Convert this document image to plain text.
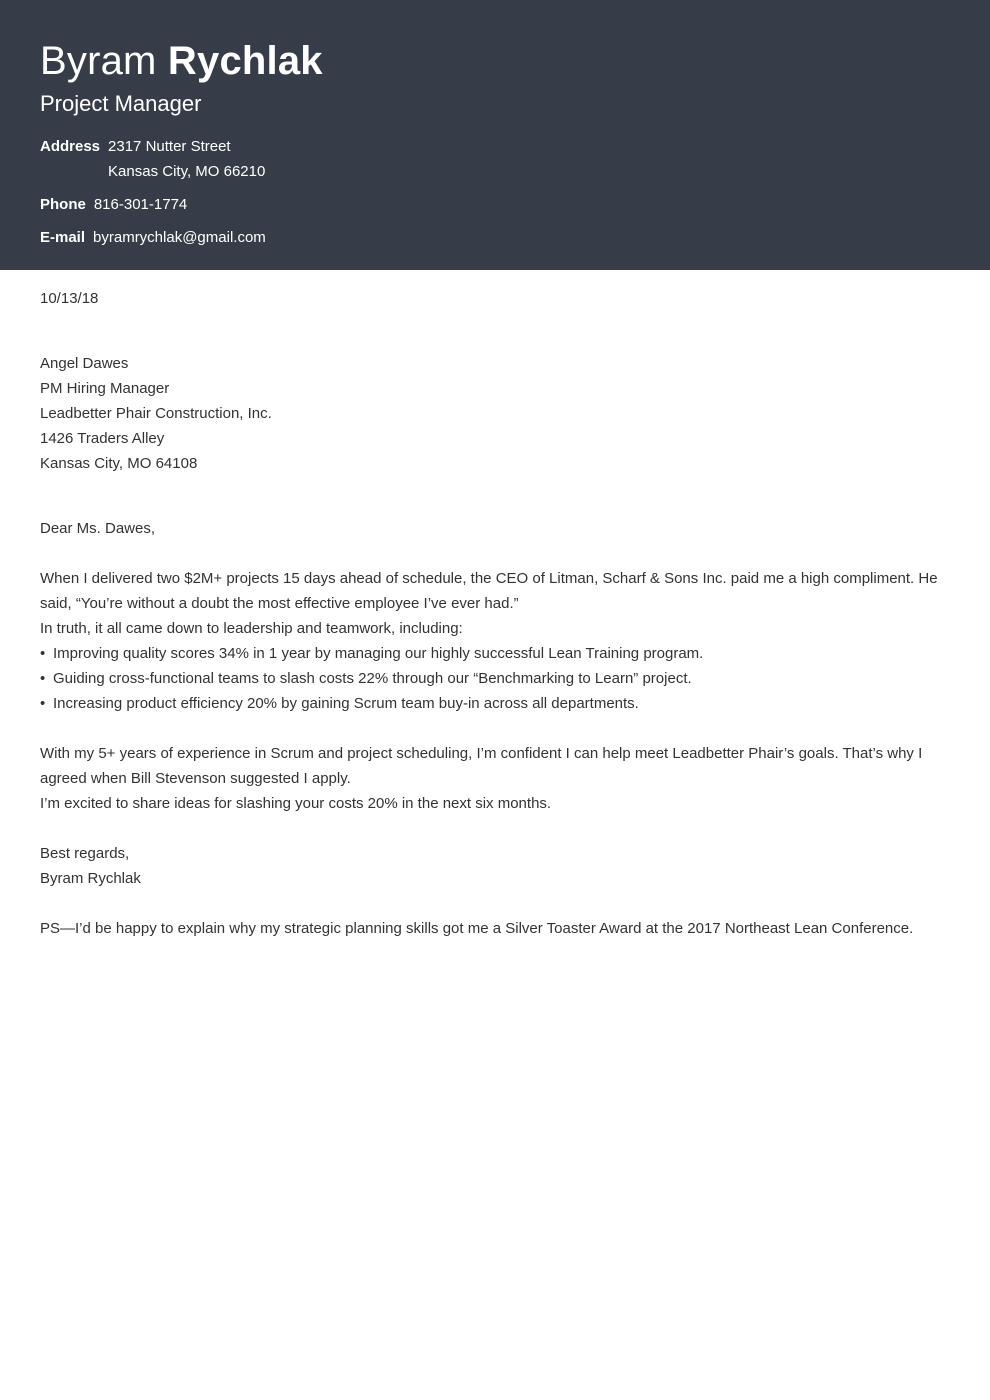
Byram Rychlak
Project Manager
Address 2317 Nutter Street
Kansas City, MO 66210
Phone 816-301-1774
E-mail byramrychlak@gmail.com
10/13/18
Angel Dawes
PM Hiring Manager
Leadbetter Phair Construction, Inc.
1426 Traders Alley
Kansas City, MO 64108
Dear Ms. Dawes,
When I delivered two $2M+ projects 15 days ahead of schedule, the CEO of Litman, Scharf & Sons Inc. paid me a high compliment. He
said, “You’re without a doubt the most effective employee I’ve ever had.”
In truth, it all came down to leadership and teamwork, including:
• Improving quality scores 34% in 1 year by managing our highly successful Lean Training program.
• Guiding cross-functional teams to slash costs 22% through our “Benchmarking to Learn” project.
• Increasing product efficiency 20% by gaining Scrum team buy-in across all departments.
With my 5+ years of experience in Scrum and project scheduling, I’m confident I can help meet Leadbetter Phair’s goals. That’s why I
agreed when Bill Stevenson suggested I apply.
I’m excited to share ideas for slashing your costs 20% in the next six months.
Best regards,
Byram Rychlak
PS—I’d be happy to explain why my strategic planning skills got me a Silver Toaster Award at the 2017 Northeast Lean Conference.
